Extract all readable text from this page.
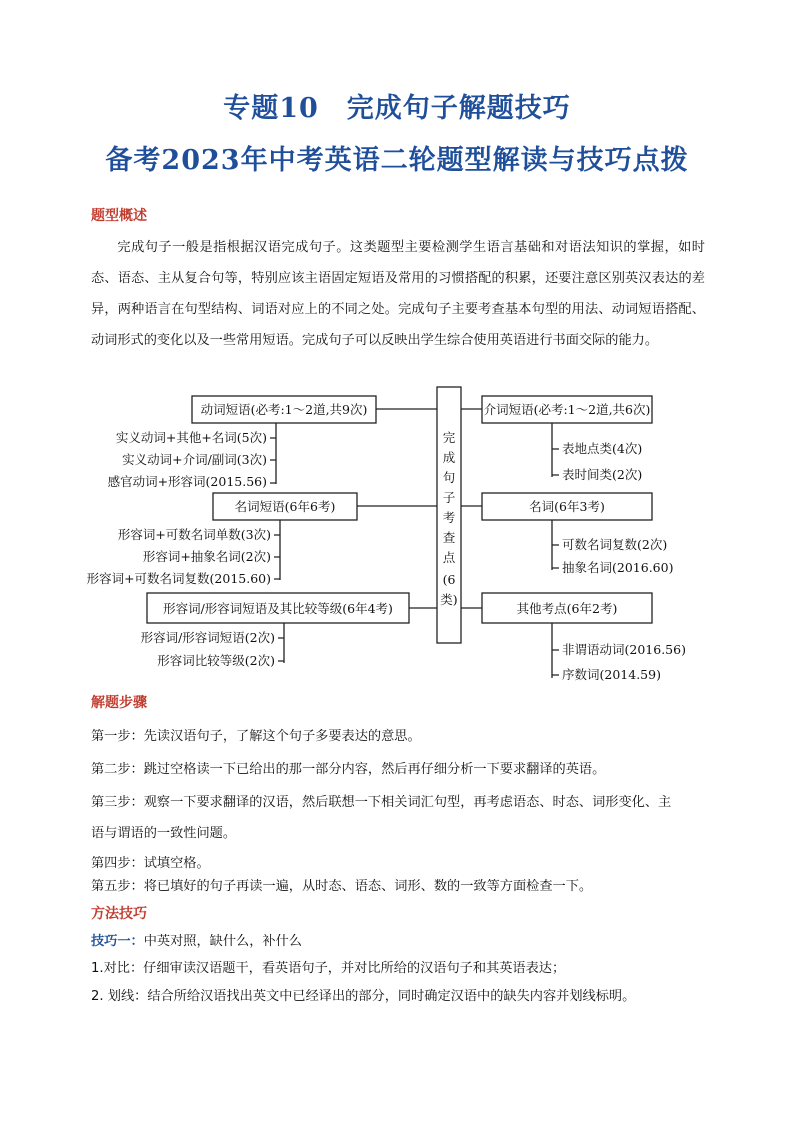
专题10　完成句子解题技巧
备考2023年中考英语二轮题型解读与技巧点拨
题型概述
完成句子一般是指根据汉语完成句子。这类题型主要检测学生语言基础和对语法知识的掌握，如时态、语态、主从复合句等，特别应该主语固定短语及常用的习惯搭配的积累，还要注意区别英汉表达的差异，两种语言在句型结构、词语对应上的不同之处。完成句子主要考查基本句型的用法、动词短语搭配、动词形式的变化以及一些常用短语。完成句子可以反映出学生综合使用英语进行书面交际的能力。
完
成
句
子
考
查
点
(6
类)
动词短语(必考:1～2道,共9次)
名词短语(6年6考)
形容词/形容词短语及其比较等级(6年4考)
实义动词+其他+名词(5次)
实义动词+介词/副词(3次)
感官动词+形容词(2015.56)
形容词+可数名词单数(3次)
形容词+抽象名词(2次)
形容词+可数名词复数(2015.60)
形容词/形容词短语(2次)
形容词比较等级(2次)
介词短语(必考:1～2道,共6次)
名词(6年3考)
其他考点(6年2考)
表地点类(4次)
表时间类(2次)
可数名词复数(2次)
抽象名词(2016.60)
非谓语动词(2016.56)
序数词(2014.59)
解题步骤
第一步：先读汉语句子，了解这个句子多要表达的意思。
第二步：跳过空格读一下已给出的那一部分内容，然后再仔细分析一下要求翻译的英语。
第三步：观察一下要求翻译的汉语，然后联想一下相关词汇句型，再考虑语态、时态、词形变化、主
语与谓语的一致性问题。
第四步：试填空格。
第五步：将已填好的句子再读一遍，从时态、语态、词形、数的一致等方面检查一下。
方法技巧
技巧一：中英对照，缺什么，补什么
1.对比：仔细审读汉语题干，看英语句子，并对比所给的汉语句子和其英语表达；
2. 划线：结合所给汉语找出英文中已经译出的部分，同时确定汉语中的缺失内容并划线标明。
